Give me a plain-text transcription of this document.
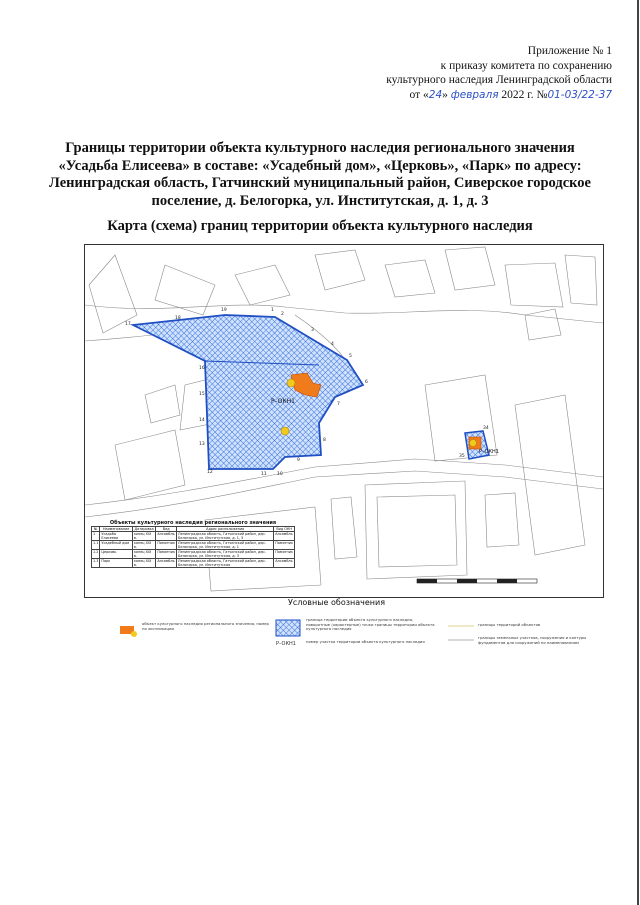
Приложение № 1
к приказу комитета по сохранению
культурного наследия Ленинградской области
от «24» февраля 2022 г. №01-03/22-37
Границы территории объекта культурного наследия регионального значения «Усадьба Елисеева» в составе: «Усадебный дом», «Церковь», «Парк» по адресу: Ленинградская область, Гатчинский муниципальный район, Сиверское городское поселение, д. Белогорка, ул. Институтская, д. 1, д. 3
Карта (схема) границ территории объекта культурного наследия
1
2
3
4
5
6
7
8
9
10
11
12
13
14
15
16
17
18
19
34
35
Р–ОКН1
Р–ОКН1
Объекты культурного наследия регионального значения
№	Наименование	Датировка	Вид	Адрес расположения	Вид ОКН
1	Усадьба Елисеева	конец XIX в.	Ансамбль	Ленинградская область, Гатчинский район, дер. Белогорка, ул. Институтская, д. 1, 3	Ансамбль
1.1	Усадебный дом	конец XIX в.	Памятник	Ленинградская область, Гатчинский район, дер. Белогорка, ул. Институтская, д. 1	Памятник
1.2	Церковь	конец XIX в.	Памятник	Ленинградская область, Гатчинский район, дер. Белогорка, ул. Институтская, д. 3	Памятник
1.3	Парк	конец XIX в.	Ансамбль	Ленинградская область, Гатчинский район, дер. Белогорка, ул. Институтская	Ансамбль
Условные обозначения
объект культурного наследия регионального значения, номер по экспликации
граница территории объекта культурного наследия, поворотные (характерные) точки границы территории объекта культурного наследия
Р–ОКН1	номер участка территории объекта культурного наследия
границы территорий объектов
границы земельных участков, сооружения и контуры фундаментов для сооружений по наименованиям
